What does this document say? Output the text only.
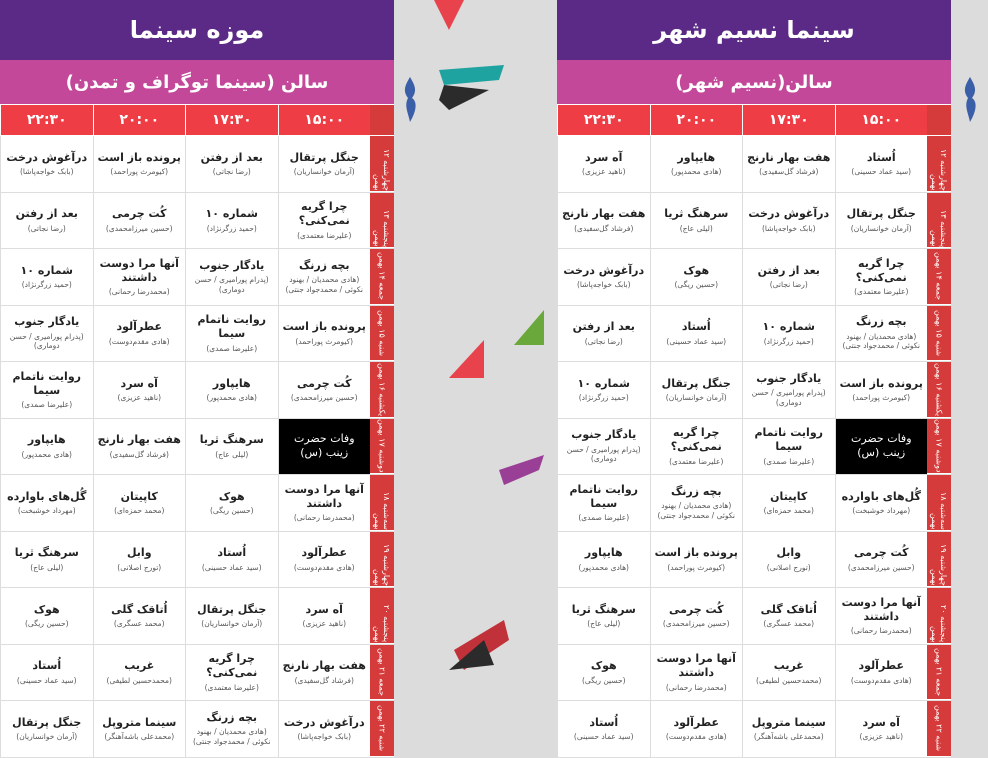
موزه سینما
سالن (سینما توگراف و تمدن)
۱۵:۰۰
۱۷:۳۰
۲۰:۰۰
۲۲:۳۰
چهارشنبه ۱۲ بهمن
جنگل پرتقال
(آرمان خوانساریان)
بعد از رفتن
(رضا نجاتی)
پرونده باز است
(کیومرث پوراحمد)
درآغوش درخت
(بابک خواجه‌پاشا)
پنجشنبه ۱۳ بهمن
چرا گریه نمی‌کنی؟
(علیرضا معتمدی)
شماره ۱۰
(حمید زرگرنژاد)
کُت چرمی
(حسین میرزامحمدی)
بعد از رفتن
(رضا نجاتی)
جمعه ۱۴ بهمن
بچه زرنگ
(هادی محمدیان / بهنود نکوئی / محمدجواد جنتی)
یادگار جنوب
(پدرام پورامیری / حسن دوماری)
آنها مرا دوست داشتند
(محمدرضا رحمانی)
شماره ۱۰
(حمید زرگرنژاد)
شنبه ۱۵ بهمن
پرونده باز است
(کیومرث پوراحمد)
روایت ناتمام سیما
(علیرضا صمدی)
عطرآلود
(هادی مقدم‌دوست)
یادگار جنوب
(پدرام پورامیری / حسن دوماری)
یکشنبه ۱۶ بهمن
کُت چرمی
(حسین میرزامحمدی)
هایپاور
(هادی محمدپور)
آه سرد
(ناهید عزیزی)
روایت ناتمام سیما
(علیرضا صمدی)
دوشنبه ۱۷ بهمن
وفات حضرت زینب (س)
سرهنگ ثریا
(لیلی عاج)
هفت بهار نارنج
(فرشاد گل‌سفیدی)
هایپاور
(هادی محمدپور)
سه‌شنبه ۱۸ بهمن
آنها مرا دوست داشتند
(محمدرضا رحمانی)
هوک
(حسین ریگی)
کاپیتان
(محمد حمزه‌ای)
گُل‌های باوارده
(مهرداد خوشبخت)
چهارشنبه ۱۹ بهمن
عطرآلود
(هادی مقدم‌دوست)
اُستاد
(سید عماد حسینی)
وابل
(تورج اصلانی)
سرهنگ ثریا
(لیلی عاج)
پنجشنبه ۲۰ بهمن
آه سرد
(ناهید عزیزی)
جنگل پرتقال
(آرمان خوانساریان)
اُتاقک گلی
(محمد عسگری)
هوک
(حسین ریگی)
جمعه ۲۱ بهمن
هفت بهار نارنج
(فرشاد گل‌سفیدی)
چرا گریه نمی‌کنی؟
(علیرضا معتمدی)
غریب
(محمدحسین لطیفی)
اُستاد
(سید عماد حسینی)
شنبه ۲۲ بهمن
درآغوش درخت
(بابک خواجه‌پاشا)
بچه زرنگ
(هادی محمدیان / بهنود نکوئی / محمدجواد جنتی)
سینما متروپل
(محمدعلی باشه‌آهنگر)
جنگل پرتقال
(آرمان خوانساریان)
سینما نسیم شهر
سالن(نسیم شهر)
۱۵:۰۰
۱۷:۳۰
۲۰:۰۰
۲۲:۳۰
چهارشنبه ۱۲ بهمن
اُستاد
(سید عماد حسینی)
هفت بهار نارنج
(فرشاد گل‌سفیدی)
هایپاور
(هادی محمدپور)
آه سرد
(ناهید عزیزی)
پنجشنبه ۱۳ بهمن
جنگل پرتقال
(آرمان خوانساریان)
درآغوش درخت
(بابک خواجه‌پاشا)
سرهنگ ثریا
(لیلی عاج)
هفت بهار نارنج
(فرشاد گل‌سفیدی)
جمعه ۱۴ بهمن
چرا گریه نمی‌کنی؟
(علیرضا معتمدی)
بعد از رفتن
(رضا نجاتی)
هوک
(حسین ریگی)
درآغوش درخت
(بابک خواجه‌پاشا)
شنبه ۱۵ بهمن
بچه زرنگ
(هادی محمدیان / بهنود نکوئی / محمدجواد جنتی)
شماره ۱۰
(حمید زرگرنژاد)
اُستاد
(سید عماد حسینی)
بعد از رفتن
(رضا نجاتی)
یکشنبه ۱۶ بهمن
پرونده باز است
(کیومرث پوراحمد)
یادگار جنوب
(پدرام پورامیری / حسن دوماری)
جنگل پرتقال
(آرمان خوانساریان)
شماره ۱۰
(حمید زرگرنژاد)
دوشنبه ۱۷ بهمن
وفات حضرت زینب (س)
روایت ناتمام سیما
(علیرضا صمدی)
چرا گریه نمی‌کنی؟
(علیرضا معتمدی)
یادگار جنوب
(پدرام پورامیری / حسن دوماری)
سه‌شنبه ۱۸ بهمن
گُل‌های باوارده
(مهرداد خوشبخت)
کاپیتان
(محمد حمزه‌ای)
بچه زرنگ
(هادی محمدیان / بهنود نکوئی / محمدجواد جنتی)
روایت ناتمام سیما
(علیرضا صمدی)
چهارشنبه ۱۹ بهمن
کُت چرمی
(حسین میرزامحمدی)
وابل
(تورج اصلانی)
پرونده باز است
(کیومرث پوراحمد)
هایپاور
(هادی محمدپور)
پنجشنبه ۲۰ بهمن
آنها مرا دوست داشتند
(محمدرضا رحمانی)
اُتاقک گلی
(محمد عسگری)
کُت چرمی
(حسین میرزامحمدی)
سرهنگ ثریا
(لیلی عاج)
جمعه ۲۱ بهمن
عطرآلود
(هادی مقدم‌دوست)
غریب
(محمدحسین لطیفی)
آنها مرا دوست داشتند
(محمدرضا رحمانی)
هوک
(حسین ریگی)
شنبه ۲۲ بهمن
آه سرد
(ناهید عزیزی)
سینما متروپل
(محمدعلی باشه‌آهنگر)
عطرآلود
(هادی مقدم‌دوست)
اُستاد
(سید عماد حسینی)
